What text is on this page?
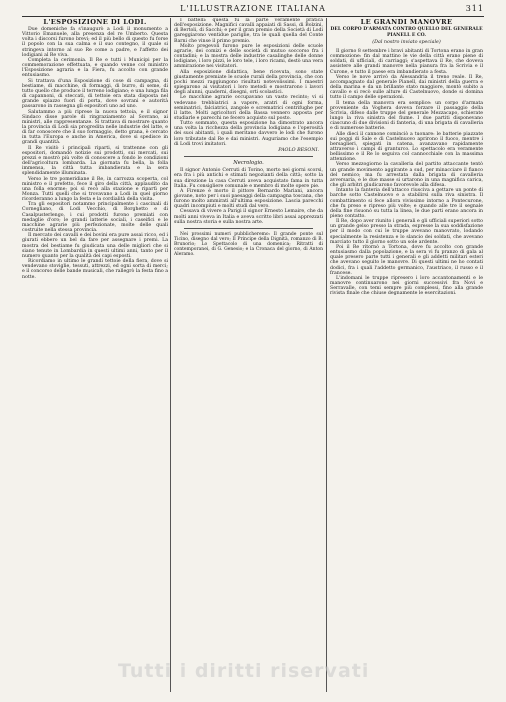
L'ILLUSTRAZIONE ITALIANA	311
L'ESPOSIZIONE DI LODI.

Due domeniche fa s'inaugurò a Lodi il monumento a Vittorio Emanuele, alla presenza del re Umberto. Questa volta i discorsi furono brevi; ed il più bello di questo fu forse il popolo con la sua calma e il suo contegno, il quale si stringeva intorno al suo Re come a padre, e l'affetto dei lodigiani al Re viva.

Completa la cerimonia. Il Re e tutti i Municipi per la commemorazione effettuata, e quando venne col ministro l'Esposizione agraria e la Fiera, fu accolto con grande entusiasmo.

Si trattava d'una Esposizione di cose di campagna, di bestiame, di macchine, di formaggi, di burro, di seme, di tutto quello che produce il terreno lodigiano; e una lunga fila di capannoni, di steccati, di tettoie era stata disposta nel grande spiazzo fuori di porta, dove sovrani e autorità passarono in rassegna gli espositori uno ad uno.

Salutammo a più riprese la nuova tettoia, e il signor Sindaco disse parole di ringraziamento al Sovrano, ai ministri, alle rappresentanze. Si trattava di mostrare quanto la provincia di Lodi sia progredita nelle industrie del latte, e di far conoscere che il suo formaggio, detto grana, è cercato in tutta l'Europa e anche in America, dove si spedisce in grandi quantità.

Il Re visitò i principali riparti, si trattenne con gli espositori, domandò notizie sui prodotti, sui mercati, sui prezzi e mostrò più volte di conoscere a fondo le condizioni dell'agricoltura lombarda. La giornata fu bella, la folla immensa, la città tutta imbandierata e la sera splendidamente illuminata.

Verso le tre pomeridiane il Re, in carrozza scoperta, col ministro e il prefetto, fece il giro della città, applaudito da una folla enorme; poi si recò alla stazione e ripartì per Monza. Tutti quelli che si trovavano a Lodi in quel giorno ricorderanno a lungo la festa e la cordialità della visita.

Tra gli espositori notammo principalmente i cascinali di Cornegliano, di Lodi Vecchio, di Borghetto e di Casalpusterlengo, i cui prodotti furono premiati con medaglie d'oro; le grandi latterie sociali, i caseifici e le macchine agrarie più perfezionate, molte delle quali costruite nella stessa provincia.

Il mercato dei cavalli e dei bovini era pure assai ricco, ed i giurati ebbero un bel da fare per assegnare i premi. La mostra del bestiame fu giudicata una delle migliori che si siano tenute in Lombardia in questi ultimi anni, tanto per il numero quanto per la qualità dei capi esposti.

Ricordiamo in ultimo le grandi tettoie della fiera, dove si vendevano stoviglie, tessuti, attrezzi, ed ogni sorta di merci; e il concorso delle bande musicali, che rallegrò la festa fino a notte.

I battelli: questa fu la parte veramente pratica dell'esposizione. Magnifici cavalli appaiati di Sassi, di Bolzini, di Bertoli, di Sacchi; e per il gran premio della Società di Lodi gareggiarono ventidue pariglie, tra le quali quella del Conte Barni che vinse il primo premio.

Molto pregevoli furono pure le esposizioni delle scuole agrarie, dei comizi e delle società di mutuo soccorso fra i contadini; e la mostra delle industrie casalinghe delle donne lodigiane, i loro pizzi, le loro tele, i loro ricami, destò una vera ammirazione nei visitatori.

Alla esposizione didattica, bene ricevuta, sono state giustamente premiate le scuole rurali della provincia, che con pochi mezzi raggiungono risultati notevolissimi. I maestri spiegarono ai visitatori i loro metodi e mostrarono i lavori degli alunni, quaderni, disegni, orti scolastici.

Le macchine agrarie occupavano un vasto recinto; vi si vedevano trebbiatrici a vapore, aratri di ogni forma, seminatrici, falciatrici, zangole e scrematrici centrifughe per il latte. Molti agricoltori della Bassa vennero apposta per studiarle e parecchi ne fecero acquisto sul posto.

Tutto sommato, questa esposizione ha dimostrato ancora una volta la ricchezza della provincia lodigiana e l'operosità dei suoi abitanti, i quali meritano davvero le lodi che furono loro tributate dal Re e dai ministri. Auguriamo che l'esempio di Lodi trovi imitatori.

PAOLO BESONI.
Necrologio.

Il signor Antonio Cerruti di Torino, morto nei giorni scorsi, era fra i più antichi e stimati negozianti della città; sotto la sua direzione la casa Cerruti aveva acquistato fama in tutta Italia. Fu consigliere comunale e membro di molte opere pie.

A Firenze è morto il pittore Bernardo Mariani, ancora giovane, noto per i suoi paesaggi della campagna toscana, che furono molto ammirati all'ultima esposizione. Lascia parecchi quadri incompiuti e molti studi dal vero.

Cessava di vivere a Parigi il signor Ernesto Lemaire, che da molti anni viveva in Italia e aveva scritto libri assai apprezzati sulla nostra storia e sulla nostra arte.

Nei prossimi numeri pubblicheremo: Il grande ponte sul Ticino, disegno dal vero; Il Principe della Dignità, romanzo di B. Brunorio; Lo Spettacolo di una domenica; Ritratti di contemporanei, di G. Genesio; e la Cronaca del giorno, di Anton Aleramo.

LE GRANDI MANOVRE
DEL CORPO D'ARMATA CONTRO QUELLO DEL GENERALE PIANELL E CO.
(Dal nostro inviato speciale)

Il giorno 8 settembre i bravi abitanti di Tortona erano in gran commozione: fin dal mattino le vie della città erano piene di soldati, di ufficiali, di carriaggi; s'aspettava il Re, che doveva assistere alle grandi manovre nella pianura fra la Scrivia e il Curone, e tutto il paese era imbandierato a festa.

Verso le nove arrivò da Alessandria il treno reale. Il Re, accompagnato dal generale Pianell, dai ministri della guerra e della marina e da un brillante stato maggiore, montò subito a cavallo e si recò sulle alture di Castelnuovo, donde si domina tutto il campo delle operazioni.

Il tema della manovra era semplice: un corpo d'armata proveniente da Voghera doveva forzare il passaggio della Scrivia, difeso dalle truppe del generale Mezzacapo, schierate lungo la riva sinistra del fiume. I due partiti disponevano ciascuno di due divisioni di fanteria, di una brigata di cavalleria e di numerose batterie.

Alle dieci il cannone cominciò a tuonare: le batterie piazzate sui poggi di Sale e di Castelnuovo aprirono il fuoco, mentre i bersaglieri, spiegati in catena, avanzavano rapidamente attraverso i campi di granturco. Lo spettacolo era veramente bellissimo e il Re lo seguiva col cannocchiale con la massima attenzione.

Verso mezzogiorno la cavalleria del partito attaccante tentò un grande movimento aggirante a sud, per minacciare il fianco del nemico; ma fu arrestata dalla brigata di cavalleria avversaria, e le due masse si urtarono in una magnifica carica, che gli arbitri giudicarono favorevole alla difesa.

Intanto la fanteria dell'attacco riusciva a gettare un ponte di barche sotto Castelnuovo e a stabilirsi sulla riva sinistra. Il combattimento si fece allora vivissimo intorno a Pontecurone, che fu preso e ripreso più volte; e quando alle tre il segnale della fine risuonò su tutta la linea, le due parti erano ancora in pieno contatto.

Il Re, dopo aver riunito i generali e gli ufficiali superiori sotto un grande gelso presso la strada, espresse la sua soddisfazione per il modo con cui le truppe avevano manovrato, lodando specialmente la resistenza e lo slancio dei soldati, che avevano marciato tutto il giorno sotto un sole ardente.

Poi il Re ritornò a Tortona, dove fu accolto con grande entusiasmo dalla popolazione, e la sera vi fu pranzo di gala al quale presero parte tutti i generali e gli addetti militari esteri che avevano seguito le manovre. Di questi ultimi ne ho contati dodici, fra i quali l'addetto germanico, l'austriaco, il russo e il francese.

L'indomani le truppe ripresero i loro accantonamenti e le manovre continuarono nei giorni successivi fra Novi e Serravalle, con temi sempre più complessi, fino alla grande rivista finale che chiuse degnamente le esercitazioni.

Tutti i diritti riservati
